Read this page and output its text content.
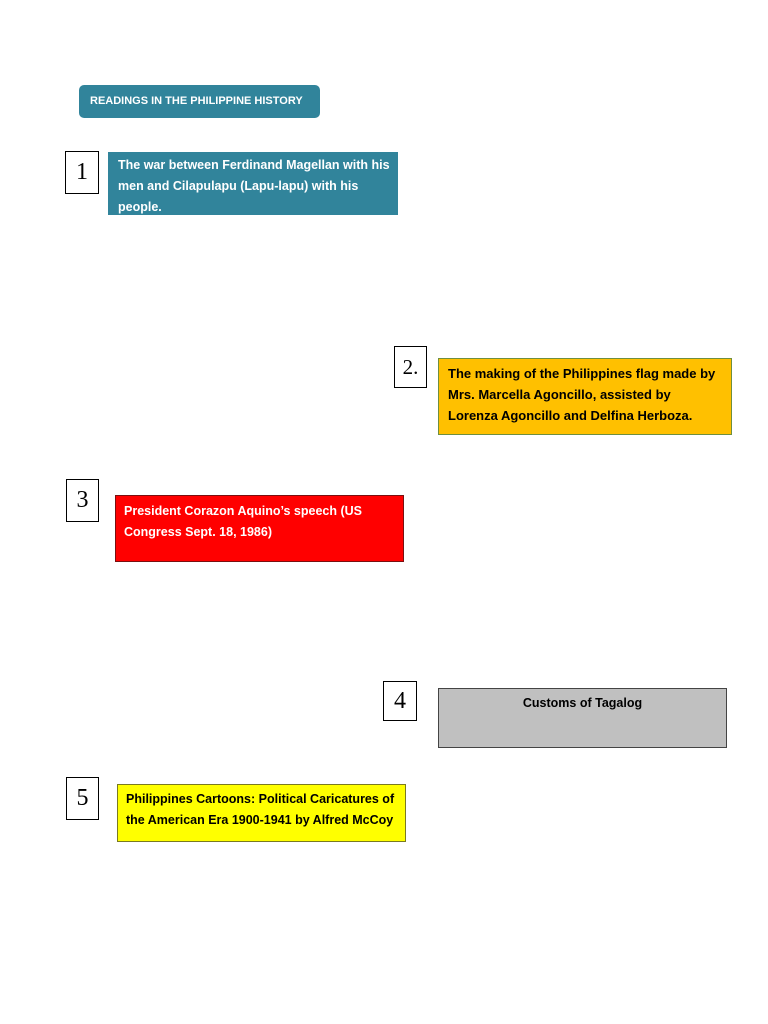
READINGS IN THE PHILIPPINE HISTORY
1	The war between Ferdinand Magellan with his men and Cilapulapu (Lapu-lapu) with his people.
2.	The making of the Philippines flag made by Mrs. Marcella Agoncillo, assisted by Lorenza Agoncillo and Delfina Herboza.
3	President Corazon Aquino’s speech (US Congress Sept. 18, 1986)
4	Customs of Tagalog
5	Philippines Cartoons: Political Caricatures of the American Era 1900-1941 by Alfred McCoy
